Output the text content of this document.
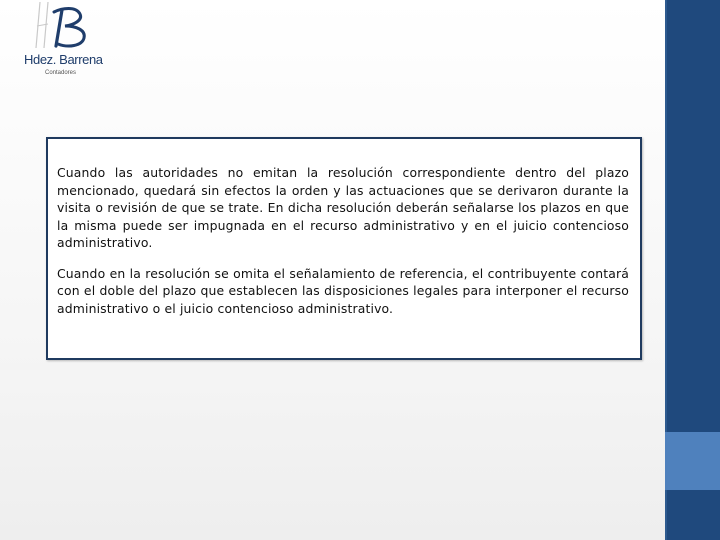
Hdez. Barrena
Contadores

Cuando las autoridades no emitan la resolución correspondiente dentro del plazo mencionado, quedará sin efectos la orden y las actuaciones que se derivaron durante la visita o revisión de que se trate. En dicha resolución deberán señalarse los plazos en que la misma puede ser impugnada en el recurso administrativo y en el juicio contencioso administrativo.

Cuando en la resolución se omita el señalamiento de referencia, el contribuyente contará con el doble del plazo que establecen las disposiciones legales para interponer el recurso administrativo o el juicio contencioso administrativo.
